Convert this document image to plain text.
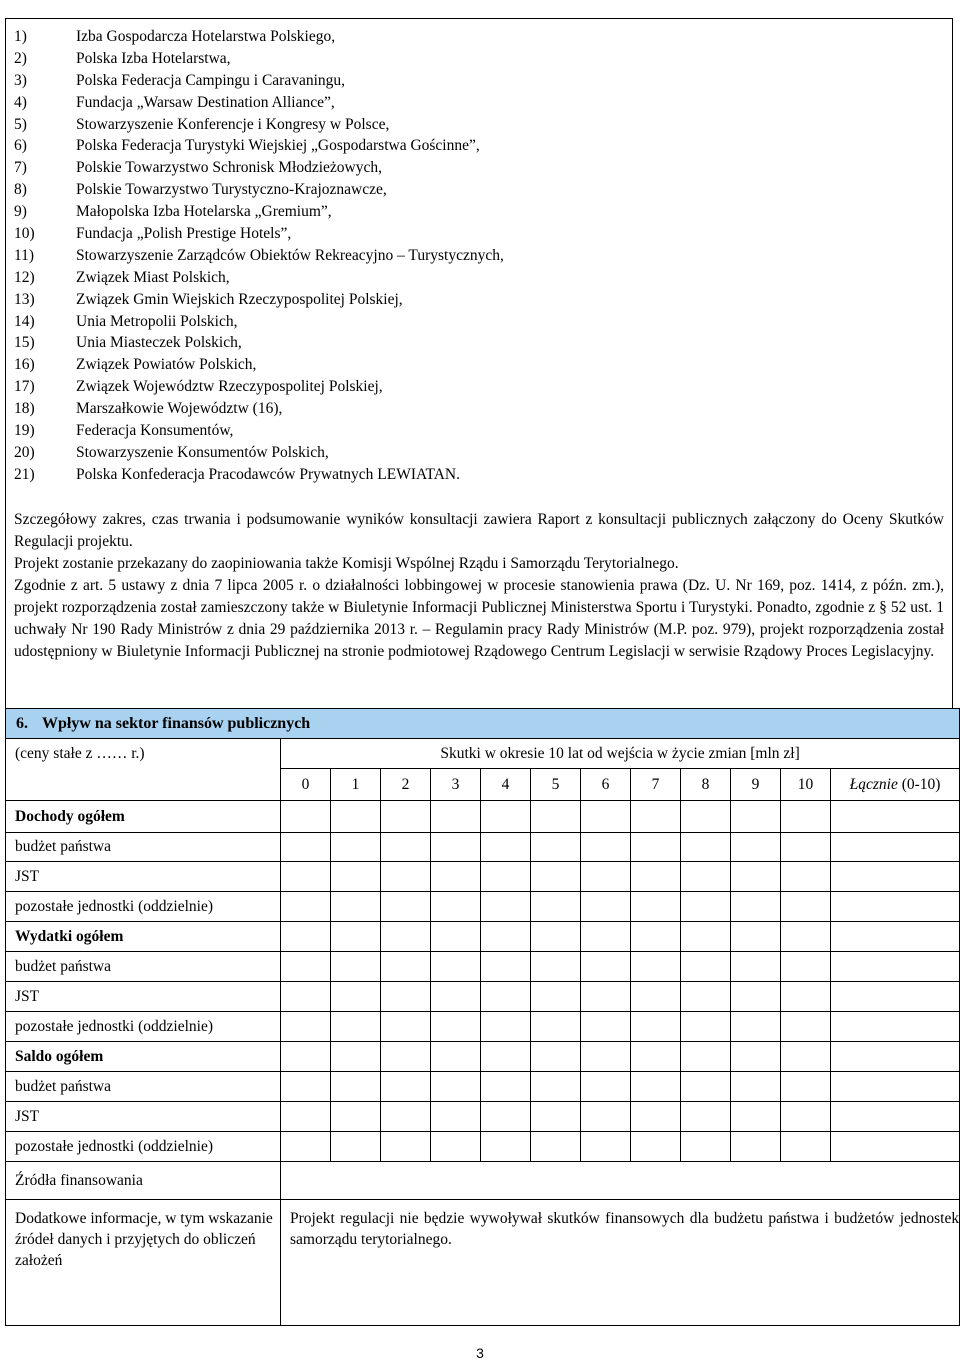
1)	Izba Gospodarcza Hotelarstwa Polskiego,
2)	Polska Izba Hotelarstwa,
3)	Polska Federacja Campingu i Caravaningu,
4)	Fundacja „Warsaw Destination Alliance”,
5)	Stowarzyszenie Konferencje i Kongresy w Polsce,
6)	Polska Federacja Turystyki Wiejskiej „Gospodarstwa Gościnne”,
7)	Polskie Towarzystwo Schronisk Młodzieżowych,
8)	Polskie Towarzystwo Turystyczno-Krajoznawcze,
9)	Małopolska Izba Hotelarska „Gremium”,
10)	Fundacja „Polish Prestige Hotels”,
11)	Stowarzyszenie Zarządców Obiektów Rekreacyjno – Turystycznych,
12)	Związek Miast Polskich,
13)	Związek Gmin Wiejskich Rzeczypospolitej Polskiej,
14)	Unia Metropolii Polskich,
15)	Unia Miasteczek Polskich,
16)	Związek Powiatów Polskich,
17)	Związek Województw Rzeczypospolitej Polskiej,
18)	Marszałkowie Województw (16),
19)	Federacja Konsumentów,
20)	Stowarzyszenie Konsumentów Polskich,
21)	Polska Konfederacja Pracodawców Prywatnych LEWIATAN.

Szczegółowy zakres, czas trwania i podsumowanie wyników konsultacji zawiera Raport z konsultacji publicznych załączony do Oceny Skutków Regulacji projektu.

Projekt zostanie przekazany do zaopiniowania także Komisji Wspólnej Rządu i Samorządu Terytorialnego.

Zgodnie z art. 5 ustawy z dnia 7 lipca 2005 r. o działalności lobbingowej w procesie stanowienia prawa (Dz. U. Nr 169, poz. 1414, z późn. zm.), projekt rozporządzenia został zamieszczony także w Biuletynie Informacji Publicznej Ministerstwa Sportu i Turystyki. Ponadto, zgodnie z § 52 ust. 1 uchwały Nr 190 Rady Ministrów z dnia 29 października 2013 r. – Regulamin pracy Rady Ministrów (M.P. poz. 979), projekt rozporządzenia został udostępniony w Biuletynie Informacji Publicznej na stronie podmiotowej Rządowego Centrum Legislacji w serwisie Rządowy Proces Legislacyjny.

6. Wpływ na sektor finansów publicznych												
(ceny stałe z …… r.)	Skutki w okresie 10 lat od wejścia w życie zmian [mln zł]											
	0	1	2	3	4	5	6	7	8	9	10	Łącznie (0-10)
Dochody ogółem												
budżet państwa												
JST												
pozostałe jednostki (oddzielnie)												
Wydatki ogółem												
budżet państwa												
JST												
pozostałe jednostki (oddzielnie)												
Saldo ogółem												
budżet państwa												
JST												
pozostałe jednostki (oddzielnie)												
Źródła finansowania												
Dodatkowe informacje, w tym wskazanie źródeł danych i przyjętych do obliczeń założeń	Projekt regulacji nie będzie wywoływał skutków finansowych dla budżetu państwa i budżetów jednostek samorządu terytorialnego.											
3
